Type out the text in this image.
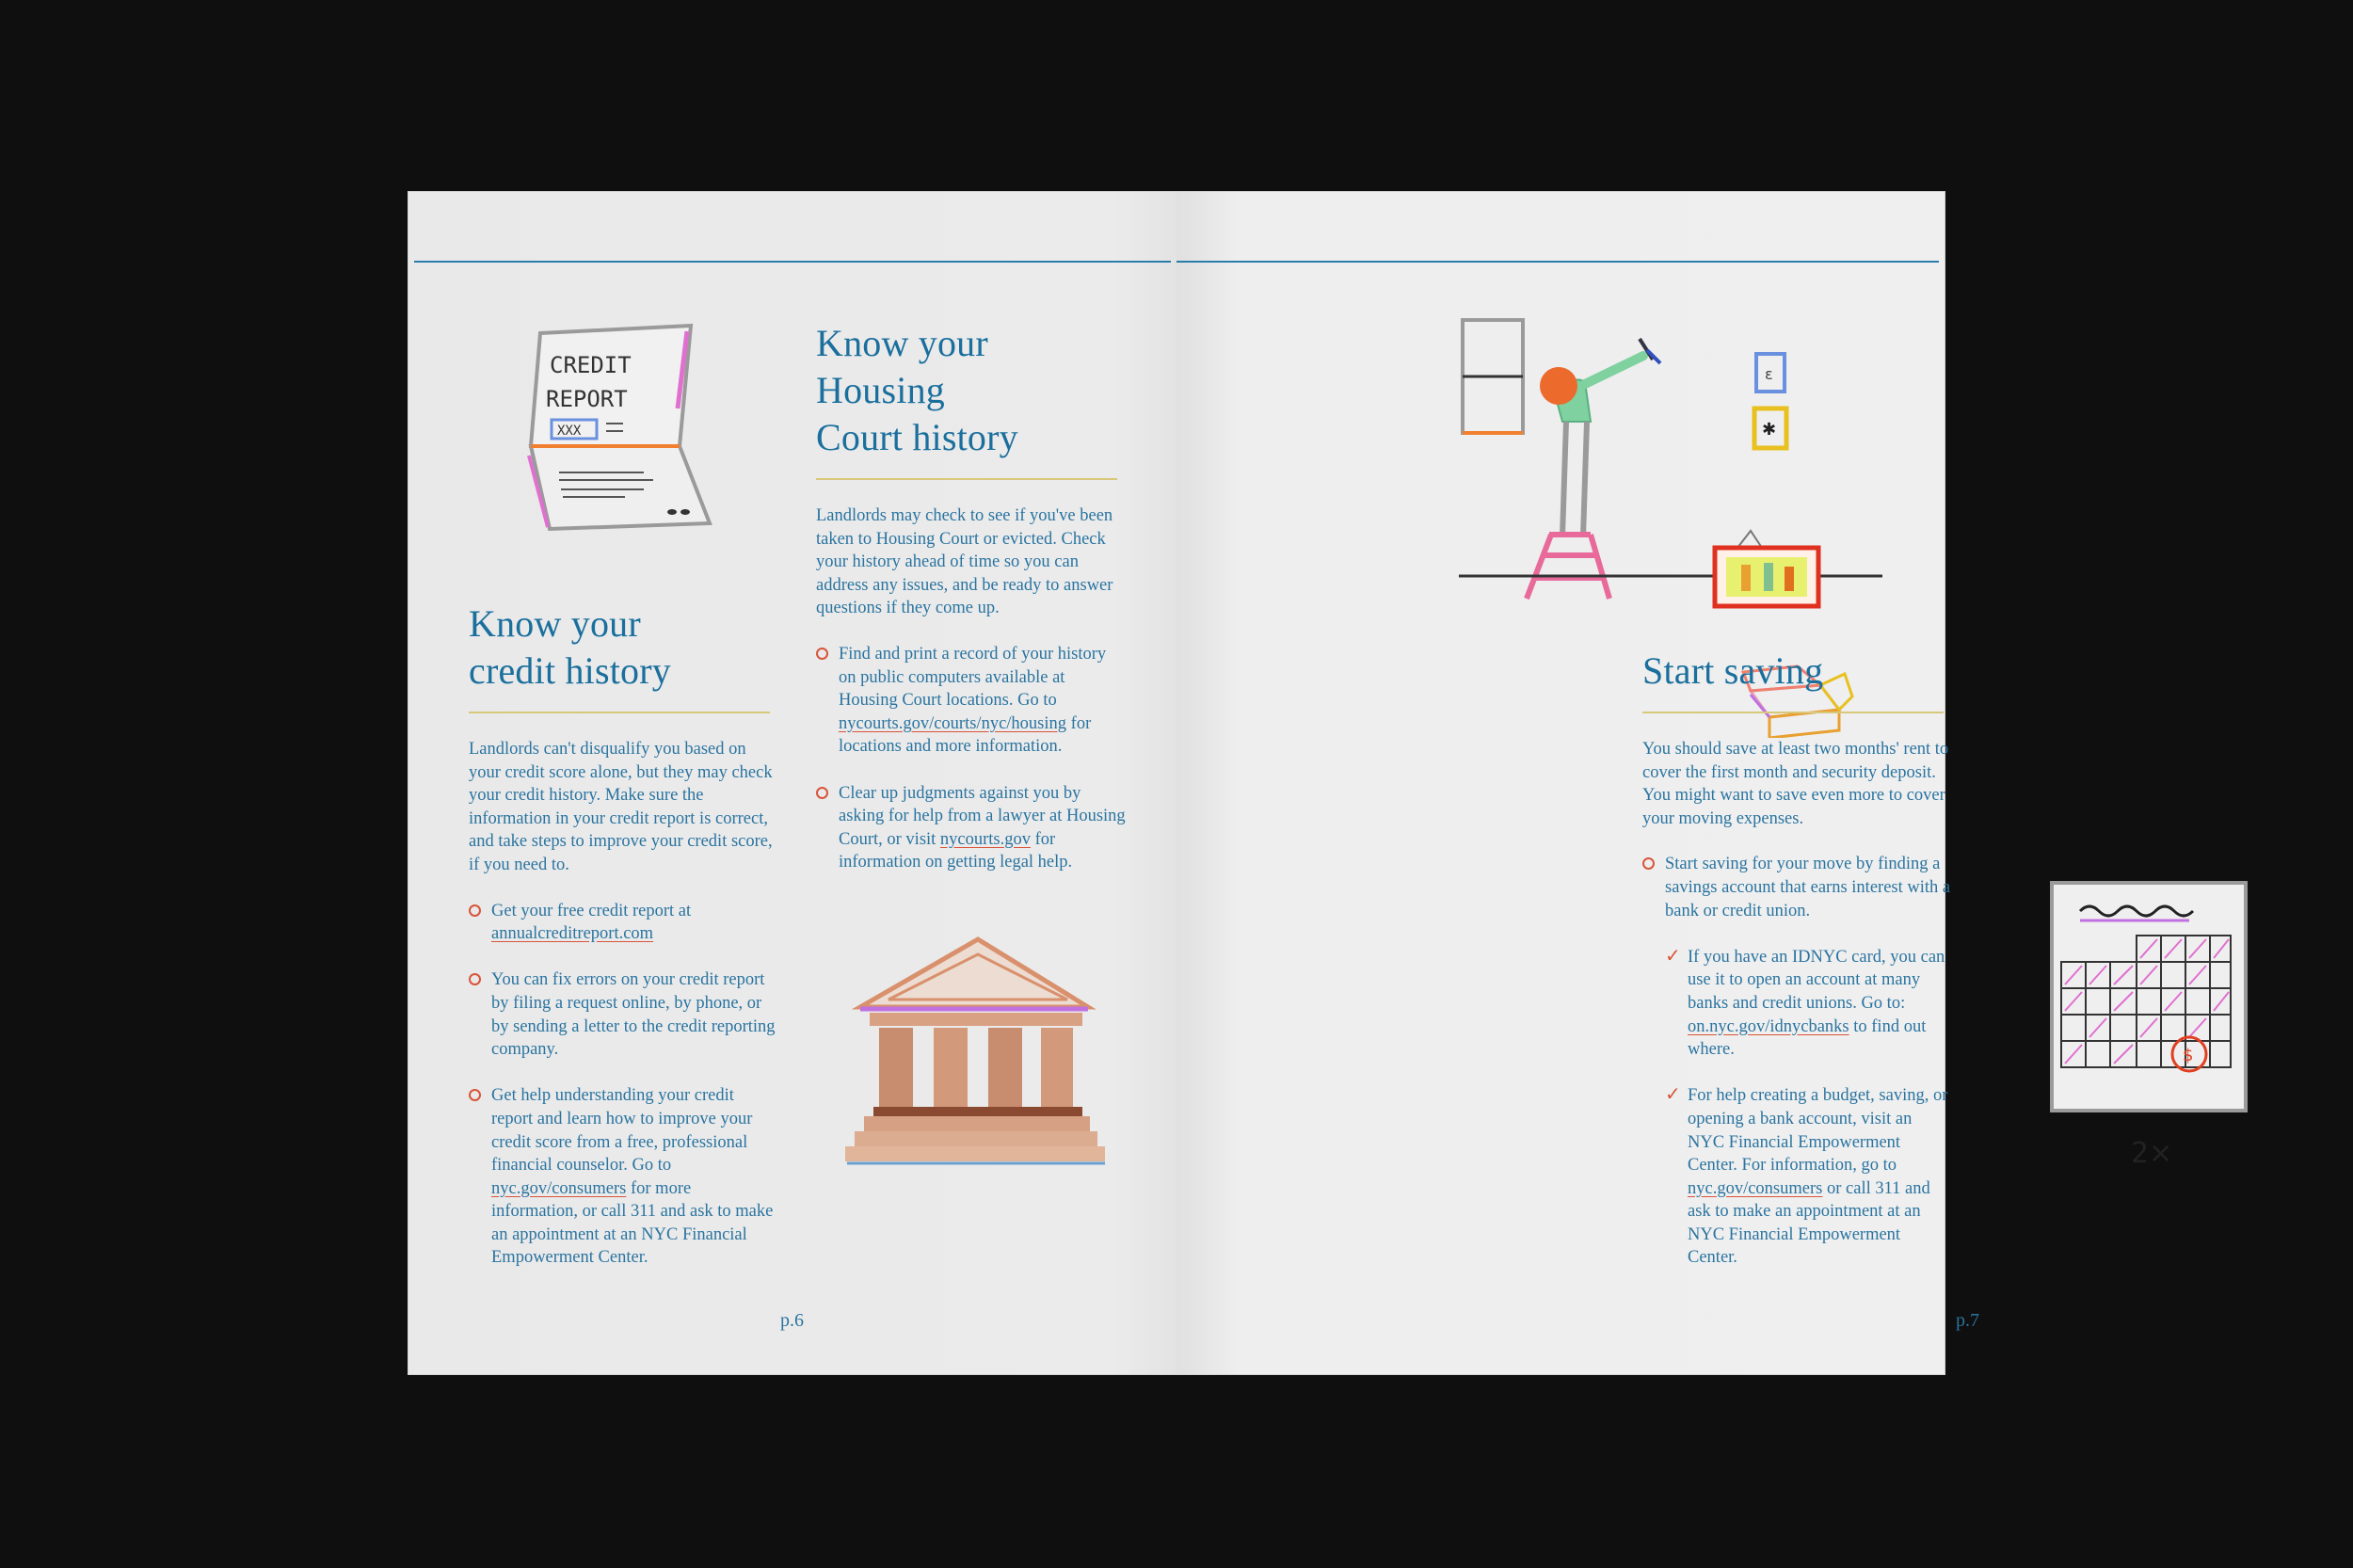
CREDIT
REPORT
XXX
Know your
credit history

Landlords can't disqualify you based on your credit score alone, but they may check your credit history. Make sure the information in your credit report is correct, and take steps to improve your credit score, if you need to.

Get your free credit report at annualcreditreport.com
You can fix errors on your credit report by filing a request online, by phone, or by sending a letter to the credit reporting company.
Get help understanding your credit report and learn how to improve your credit score from a free, professional financial counselor. Go to nyc.gov/consumers for more information, or call 311 and ask to make an appointment at an NYC Financial Empowerment Center.
Know your Housing
Court history

Landlords may check to see if you've been taken to Housing Court or evicted. Check your history ahead of time so you can address any issues, and be ready to answer questions if they come up.

Find and print a record of your history on public computers available at Housing Court locations. Go to nycourts.gov/courts/nyc/housing for locations and more information.
Clear up judgments against you by asking for help from a lawyer at Housing Court, or visit nycourts.gov for information on getting legal help.
p.6
ε
✱
Start saving

You should save at least two months' rent to cover the first month and security deposit. You might want to save even more to cover your moving expenses.

Start saving for your move by finding a savings account that earns interest with a bank or credit union.
✓ If you have an IDNYC card, you can use it to open an account at many banks and credit unions. Go to: on.nyc.gov/idnycbanks to find out where.
✓ For help creating a budget, saving, or opening a bank account, visit an NYC Financial Empowerment Center. For information, go to nyc.gov/consumers or call 311 and ask to make an appointment at an NYC Financial Empowerment Center.
$
2×
p.7
